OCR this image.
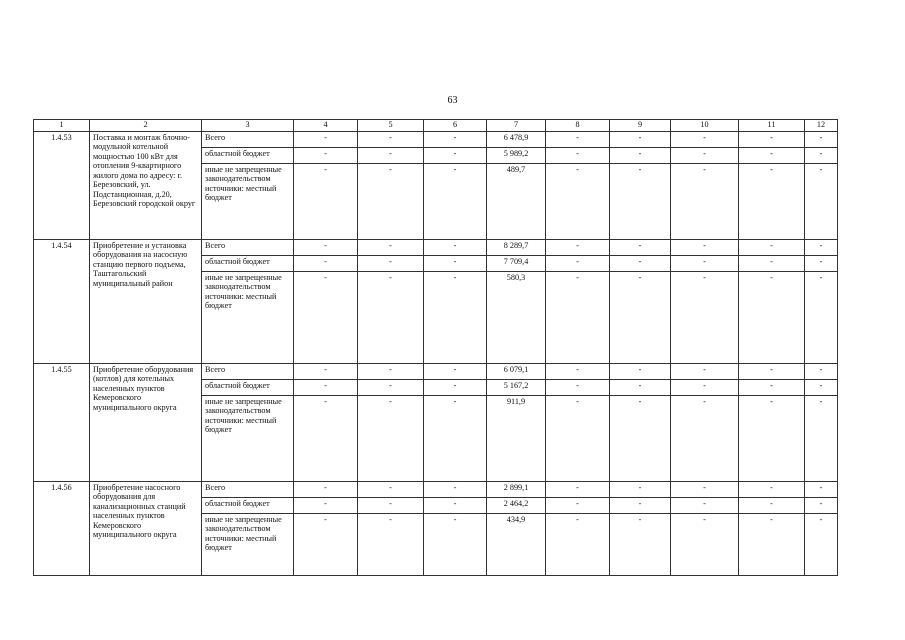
63
1	2	3	4	5	6	7	8	9	10	11	12
1.4.53	Поставка и монтаж блочно-модульной котельной мощностью 100 кВт для отопления 9-квартирного жилого дома по адресу: г. Березовский, ул. Подстанционная, д.20, Березовский городской округ	Всего	-	-	-	6 478,9	-	-	-	-	-
		областной бюджет	-	-	-	5 989,2	-	-	-	-	-
		иные не запрещенные законодательством источники: местный бюджет	-	-	-	489,7	-	-	-	-	-
1.4.54	Приобретение и установка оборудования на насосную станцию первого подъема, Таштагольский муниципальный район	Всего	-	-	-	8 289,7	-	-	-	-	-
		областной бюджет	-	-	-	7 709,4	-	-	-	-	-
		иные не запрещенные законодательством источники: местный бюджет	-	-	-	580,3	-	-	-	-	-
1.4.55	Приобретение оборудования (котлов) для котельных населенных пунктов Кемеровского муниципального округа	Всего	-	-	-	6 079,1	-	-	-	-	-
		областной бюджет	-	-	-	5 167,2	-	-	-	-	-
		иные не запрещенные законодательством источники: местный бюджет	-	-	-	911,9	-	-	-	-	-
1.4.56	Приобретение насосного оборудования для канализационных станций населенных пунктов Кемеровского муниципального округа	Всего	-	-	-	2 899,1	-	-	-	-	-
		областной бюджет	-	-	-	2 464,2	-	-	-	-	-
		иные не запрещенные законодательством источники: местный бюджет	-	-	-	434,9	-	-	-	-	-
